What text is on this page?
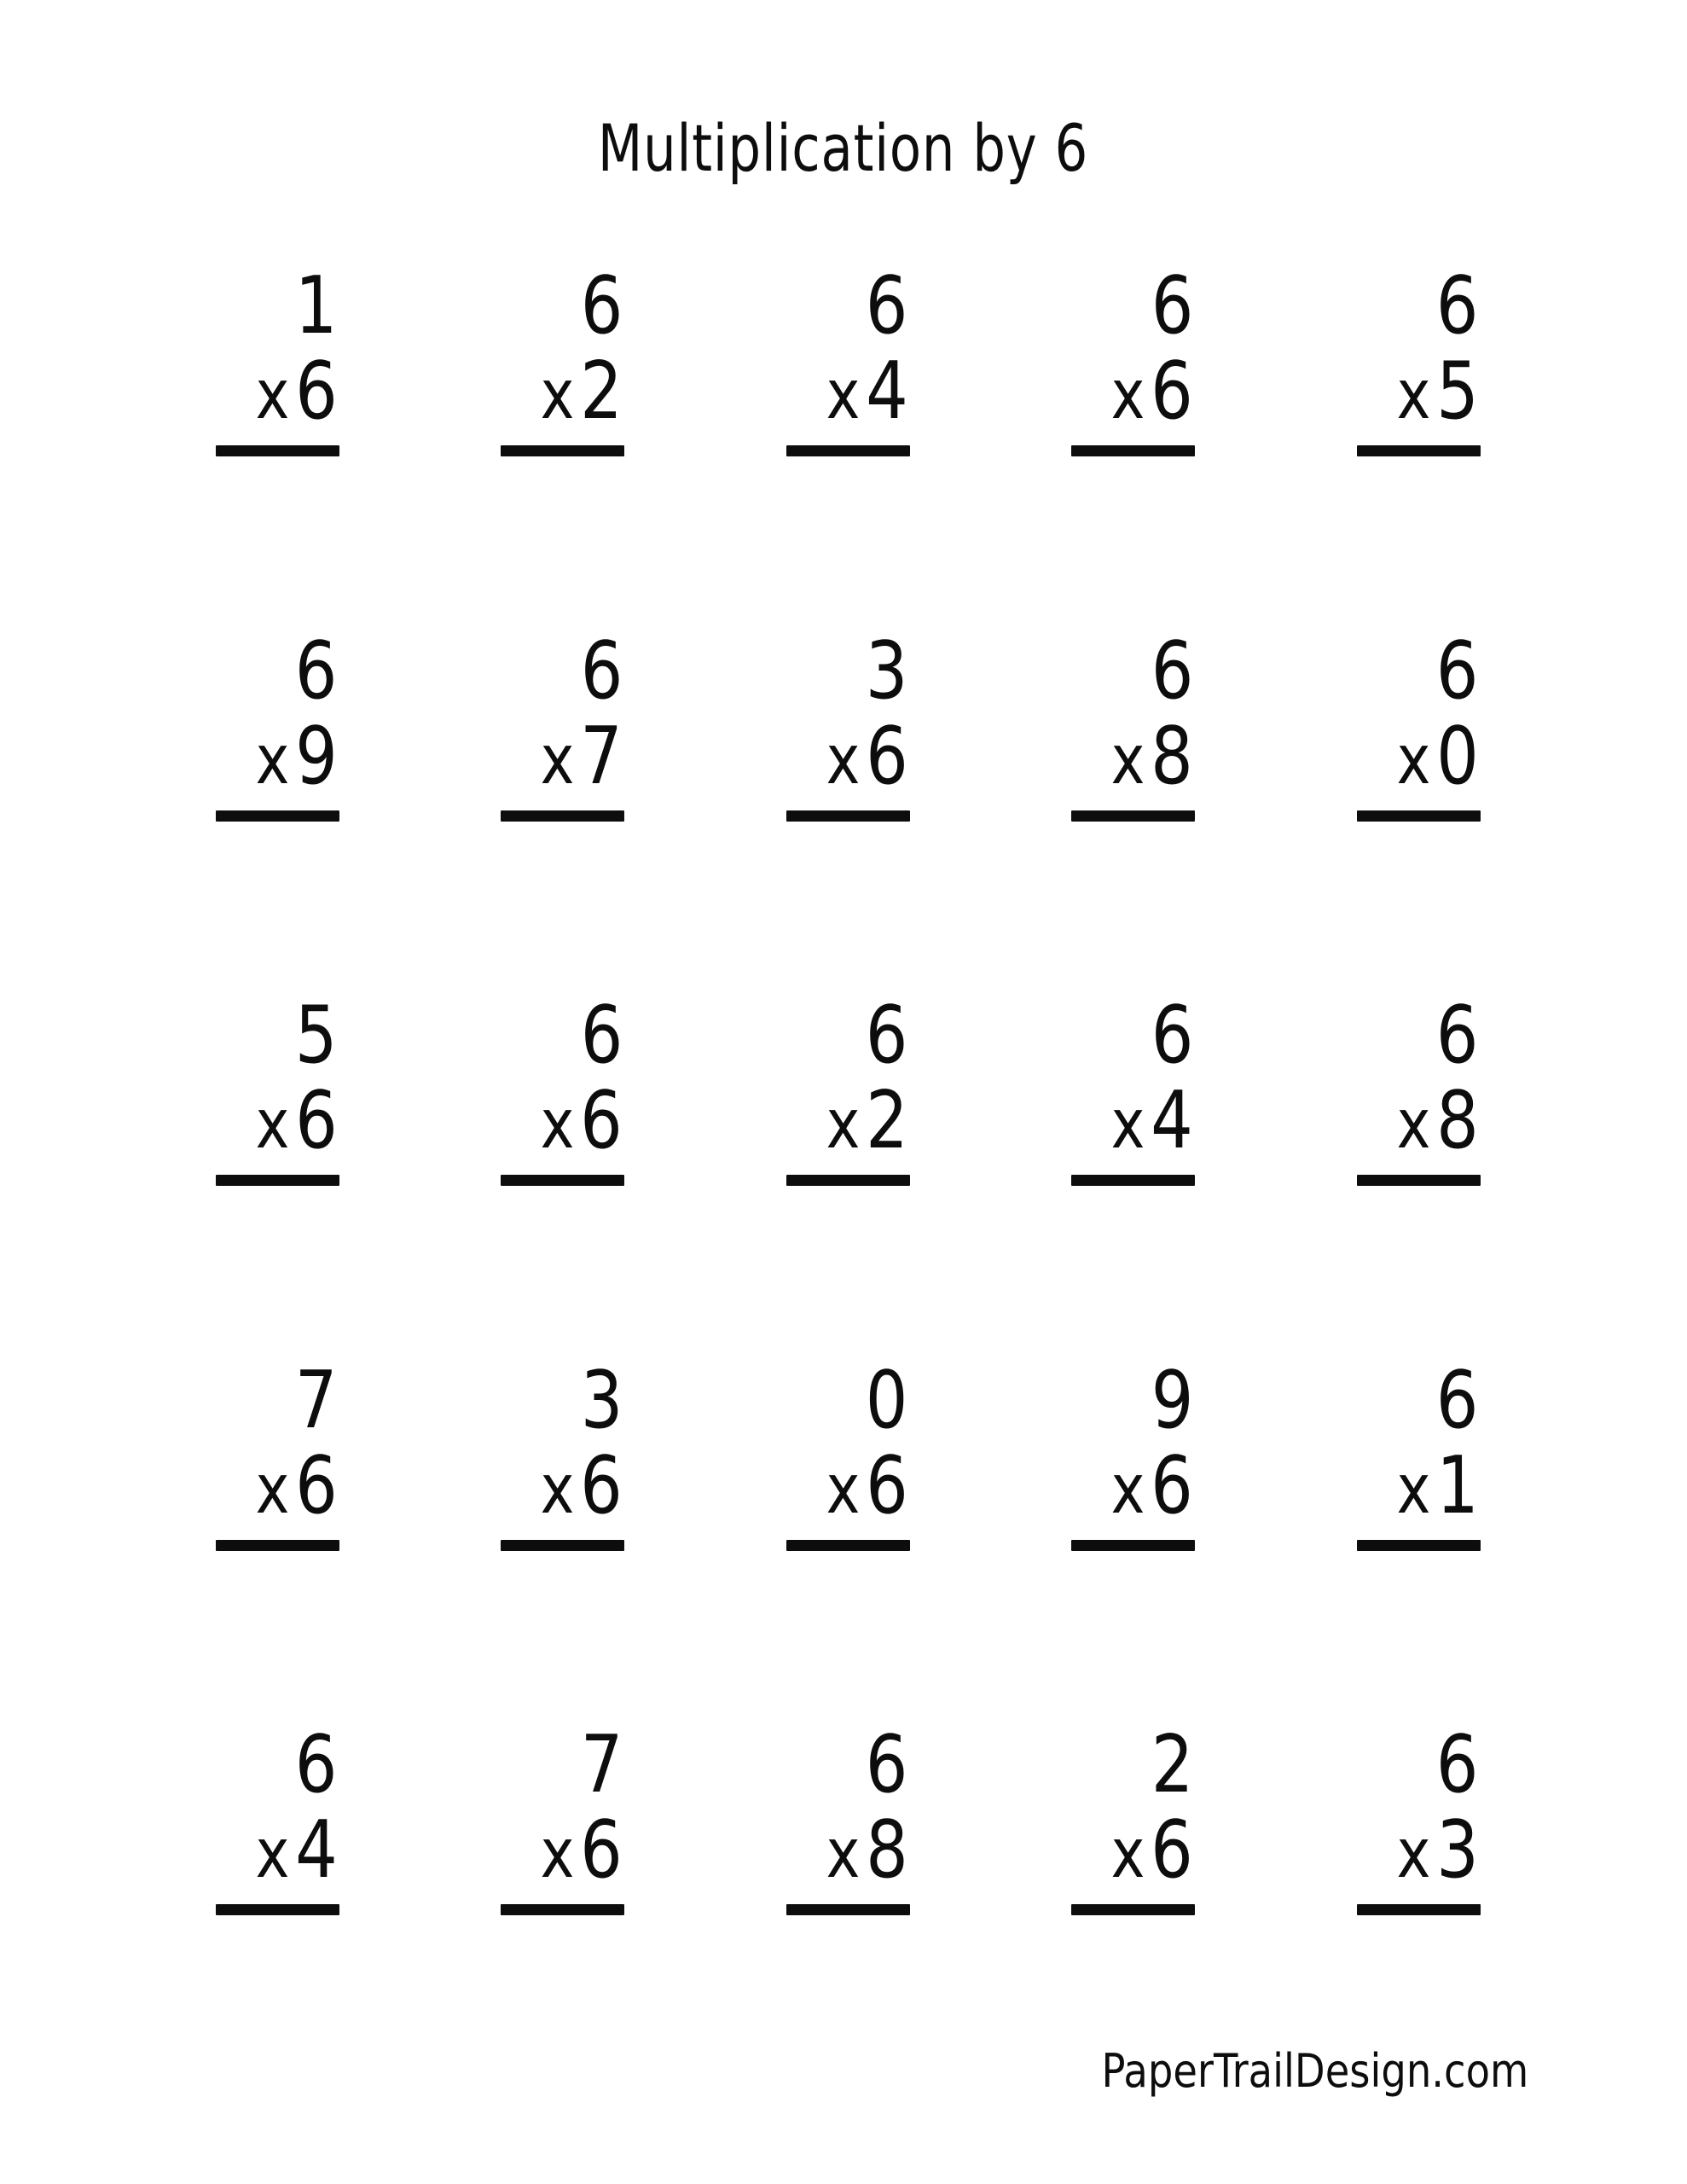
Multiplication by 6
1
x 6
6
x 2
6
x 4
6
x 6
6
x 5
6
x 9
6
x 7
3
x 6
6
x 8
6
x 0
5
x 6
6
x 6
6
x 2
6
x 4
6
x 8
7
x 6
3
x 6
0
x 6
9
x 6
6
x 1
6
x 4
7
x 6
6
x 8
2
x 6
6
x 3
PaperTrailDesign.com
